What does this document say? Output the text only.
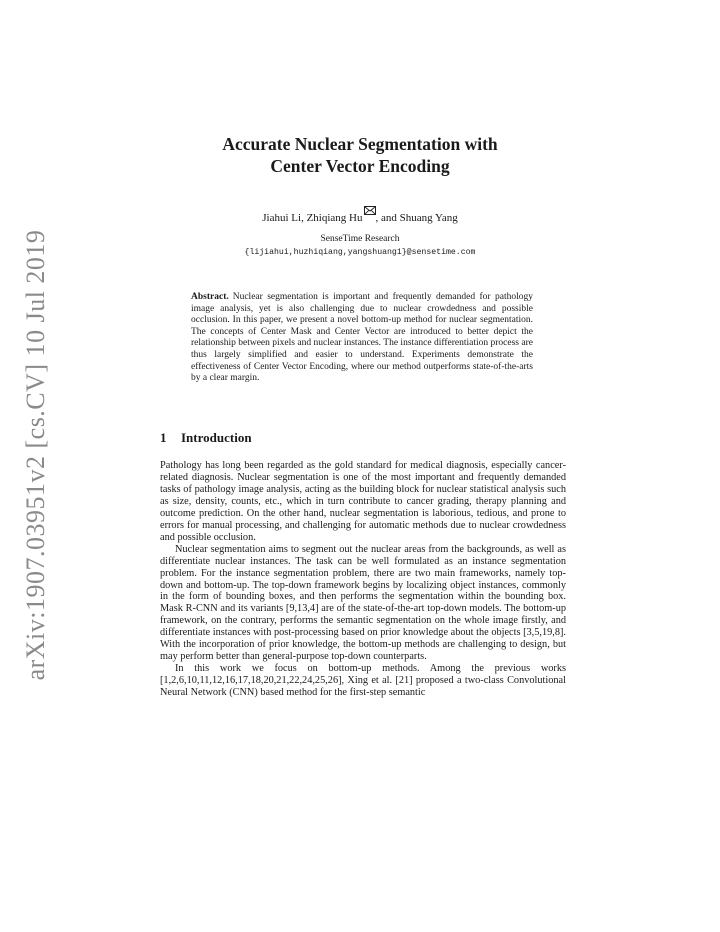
arXiv:1907.03951v2 [cs.CV] 10 Jul 2019
Accurate Nuclear Segmentation with
Center Vector Encoding
Jiahui Li, Zhiqiang Hu , and Shuang Yang
SenseTime Research
{lijiahui,huzhiqiang,yangshuang1}@sensetime.com
Abstract. Nuclear segmentation is important and frequently demanded for pathology image analysis, yet is also challenging due to nuclear crowdedness and possible occlusion. In this paper, we present a novel bottom-up method for nuclear segmentation. The concepts of Center Mask and Center Vector are introduced to better depict the relationship between pixels and nuclear instances. The instance differentiation process are thus largely simplified and easier to understand. Experiments demonstrate the effectiveness of Center Vector Encoding, where our method outperforms state-of-the-arts by a clear margin.
1 Introduction

Pathology has long been regarded as the gold standard for medical diagnosis, especially cancer-related diagnosis. Nuclear segmentation is one of the most important and frequently demanded tasks of pathology image analysis, acting as the building block for nuclear statistical analysis such as size, density, counts, etc., which in turn contribute to cancer grading, therapy planning and outcome prediction. On the other hand, nuclear segmentation is laborious, tedious, and prone to errors for manual processing, and challenging for automatic methods due to nuclear crowdedness and possible occlusion.

Nuclear segmentation aims to segment out the nuclear areas from the backgrounds, as well as differentiate nuclear instances. The task can be well formulated as an instance segmentation problem. For the instance segmentation problem, there are two main frameworks, namely top-down and bottom-up. The top-down framework begins by localizing object instances, commonly in the form of bounding boxes, and then performs the segmentation within the bounding box. Mask R-CNN and its variants [9,13,4] are of the state-of-the-art top-down models. The bottom-up framework, on the contrary, performs the semantic segmentation on the whole image firstly, and differentiate instances with post-processing based on prior knowledge about the objects [3,5,19,8]. With the incorporation of prior knowledge, the bottom-up methods are challenging to design, but may perform better than general-purpose top-down counterparts.

In this work we focus on bottom-up methods. Among the previous works [1,2,6,10,11,12,16,17,18,20,21,22,24,25,26], Xing et al. [21] proposed a two-class Convolutional Neural Network (CNN) based method for the first-step semantic
